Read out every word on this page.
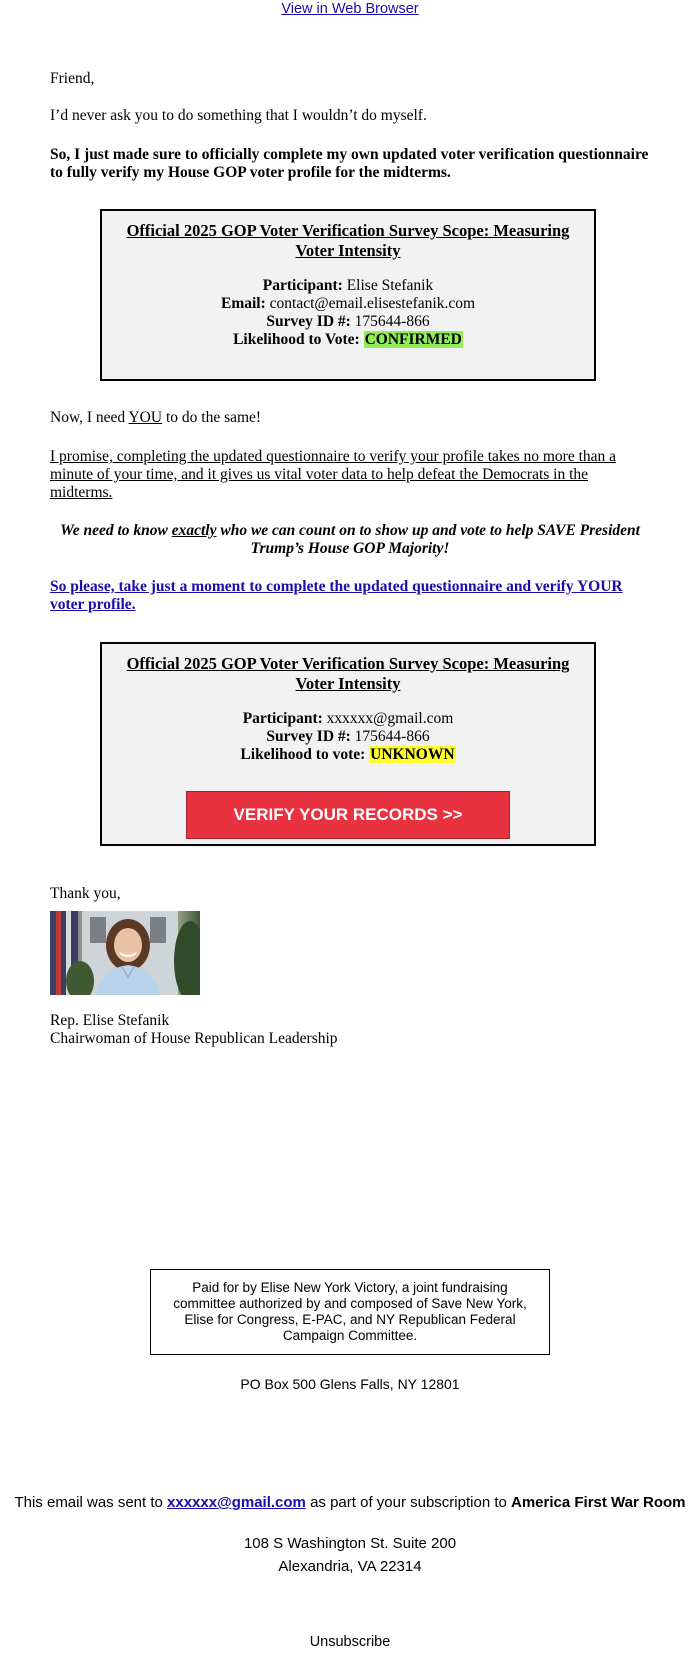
View in Web Browser
Friend,
I’d never ask you to do something that I wouldn’t do myself.
So, I just made sure to officially complete my own updated voter verification questionnaire to fully verify my House GOP voter profile for the midterms.
Official 2025 GOP Voter Verification Survey Scope: Measuring Voter Intensity
Participant: Elise Stefanik
Email: contact@email.elisestefanik.com
Survey ID #: 175644-866
Likelihood to Vote: CONFIRMED
Now, I need YOU to do the same!
I promise, completing the updated questionnaire to verify your profile takes no more than a minute of your time, and it gives us vital voter data to help defeat the Democrats in the midterms.
We need to know exactly who we can count on to show up and vote to help SAVE President Trump’s House GOP Majority!
So please, take just a moment to complete the updated questionnaire and verify YOUR voter profile.
Official 2025 GOP Voter Verification Survey Scope: Measuring Voter Intensity
Participant: xxxxxx@gmail.com
Survey ID #: 175644-866
Likelihood to vote: UNKNOWN
VERIFY YOUR RECORDS >>
Thank you,
Rep. Elise Stefanik
Chairwoman of House Republican Leadership
Paid for by Elise New York Victory, a joint fundraising committee authorized by and composed of Save New York, Elise for Congress, E-PAC, and NY Republican Federal Campaign Committee.
PO Box 500 Glens Falls, NY 12801
This email was sent to xxxxxx@gmail.com as part of your subscription to America First War Room
108 S Washington St. Suite 200
Alexandria, VA 22314
Unsubscribe
